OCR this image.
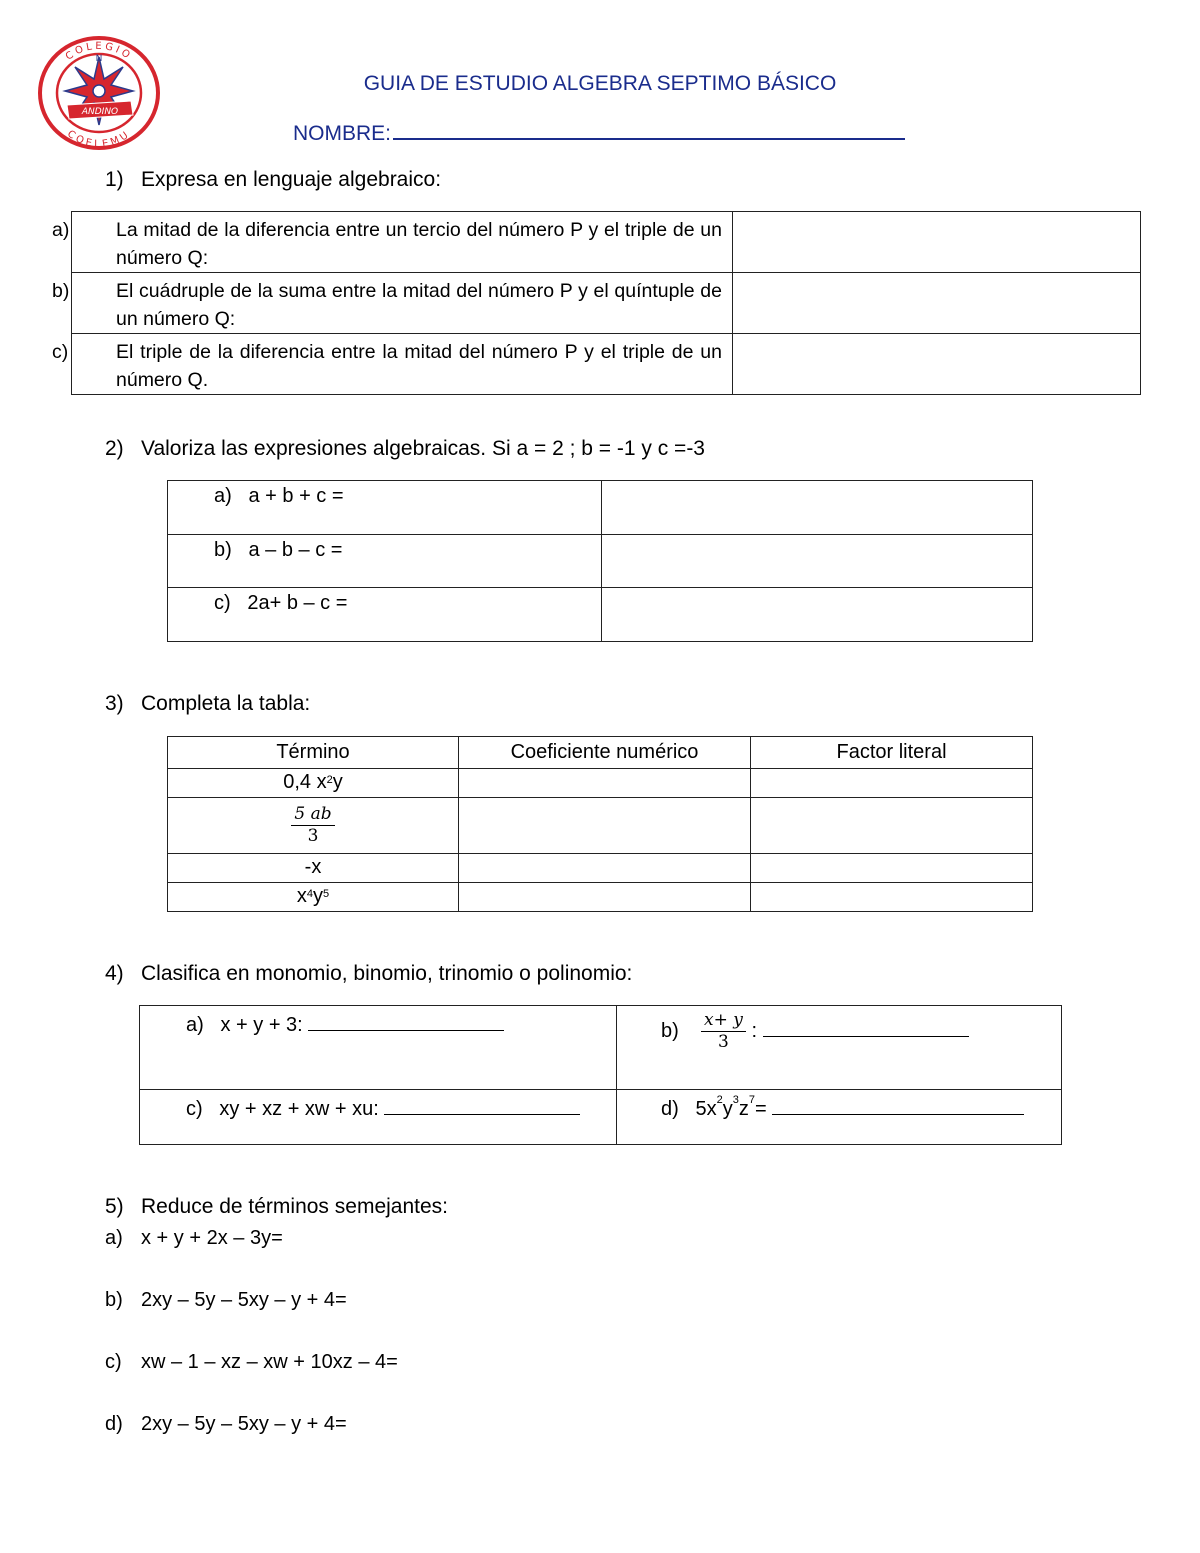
COLEGIO
COELEMU
N
ANDINO
GUIA DE ESTUDIO ALGEBRA SEPTIMO BÁSICO
NOMBRE:
1) Expresa en lenguaje algebraico:
a) La mitad de la diferencia entre un tercio del número P y el triple de un número Q:	

b) El cuádruple de la suma entre la mitad del número P y el quíntuple de un número Q:	

c) El triple de la diferencia entre la mitad del número P y el triple de un número Q.	

2) Valoriza las expresiones algebraicas. Si a = 2 ; b = -1 y c =-3
a) a + b + c =	

b) a – b – c =	

c) 2a+ b – c =	

3) Completa la tabla:
Término	Coeficiente numérico	Factor literal
0,4 $x^2y$		

$\frac{5 ab}{3}$

-x		
$x^4y^5$		
4) Clasifica en monomio, binomio, trinomio o polinomio:
a) x + y + 3:	$b) \frac{x+ y}{3}$ :

c) xy + xz + xw + xu:	d) $5x^2y^3z^7=$
5) Reduce de términos semejantes:
a) x + y + 2x – 3y=
b) 2xy – 5y – 5xy – y + 4=
c) xw – 1 – xz – xw + 10xz – 4=
d) 2xy – 5y – 5xy – y + 4=
